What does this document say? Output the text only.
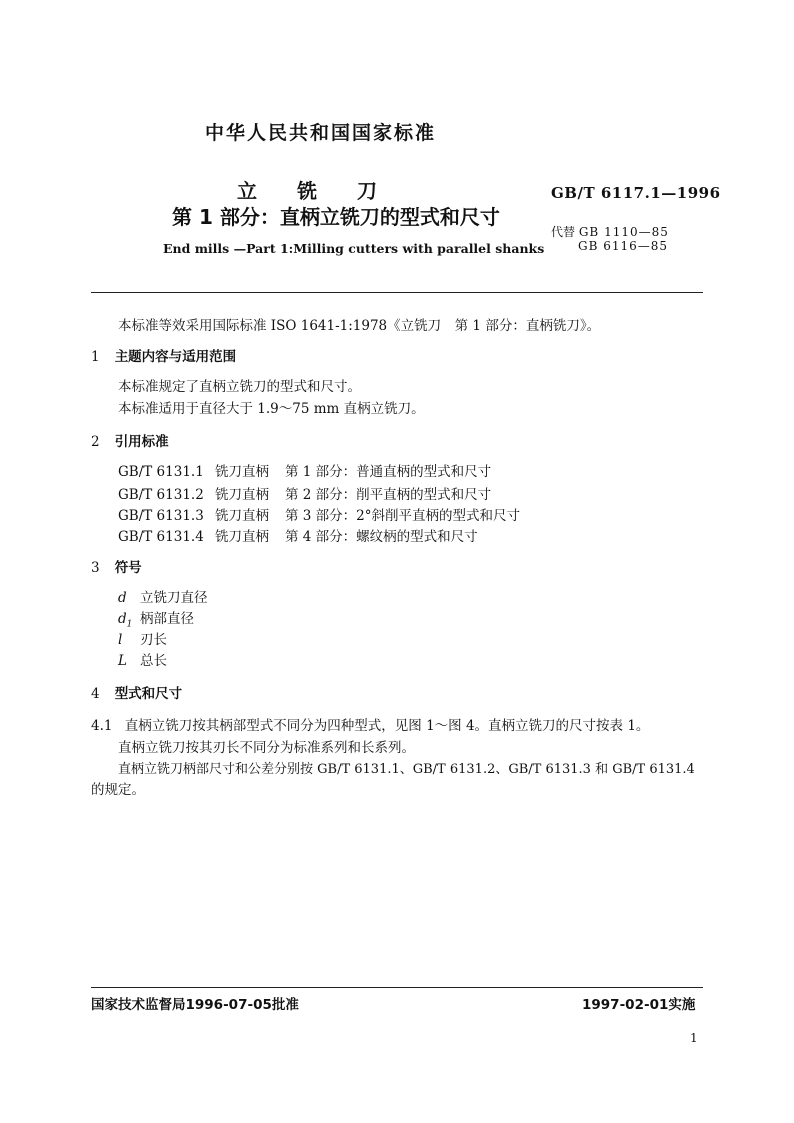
中华人民共和国国家标准
立　　铣　　刀
第 1 部分：直柄立铣刀的型式和尺寸
End mills —Part 1:Milling cutters with parallel shanks
GB/T 6117.1—1996
代替 GB 1110—85
GB 6116—85
本标准等效采用国际标准 ISO 1641-1:1978《立铣刀　第 1 部分：直柄铣刀》。
1 主题内容与适用范围
本标准规定了直柄立铣刀的型式和尺寸。
本标准适用于直径大于 1.9～75 mm 直柄立铣刀。
2 引用标准
GB/T 6131.1 铣刀直柄 第 1 部分：普通直柄的型式和尺寸
GB/T 6131.2 铣刀直柄 第 2 部分：削平直柄的型式和尺寸
GB/T 6131.3 铣刀直柄 第 3 部分：2°斜削平直柄的型式和尺寸
GB/T 6131.4 铣刀直柄 第 4 部分：螺纹柄的型式和尺寸
3 符号
d 立铣刀直径
$d_1$ 柄部直径
l 刃长
L 总长
4 型式和尺寸
4.1 直柄立铣刀按其柄部型式不同分为四种型式，见图 1～图 4。直柄立铣刀的尺寸按表 1。
直柄立铣刀按其刃长不同分为标准系列和长系列。
直柄立铣刀柄部尺寸和公差分别按 GB/T 6131.1、GB/T 6131.2、GB/T 6131.3 和 GB/T 6131.4
的规定。
国家技术监督局1996-07-05批准	1997-02-01实施
1
